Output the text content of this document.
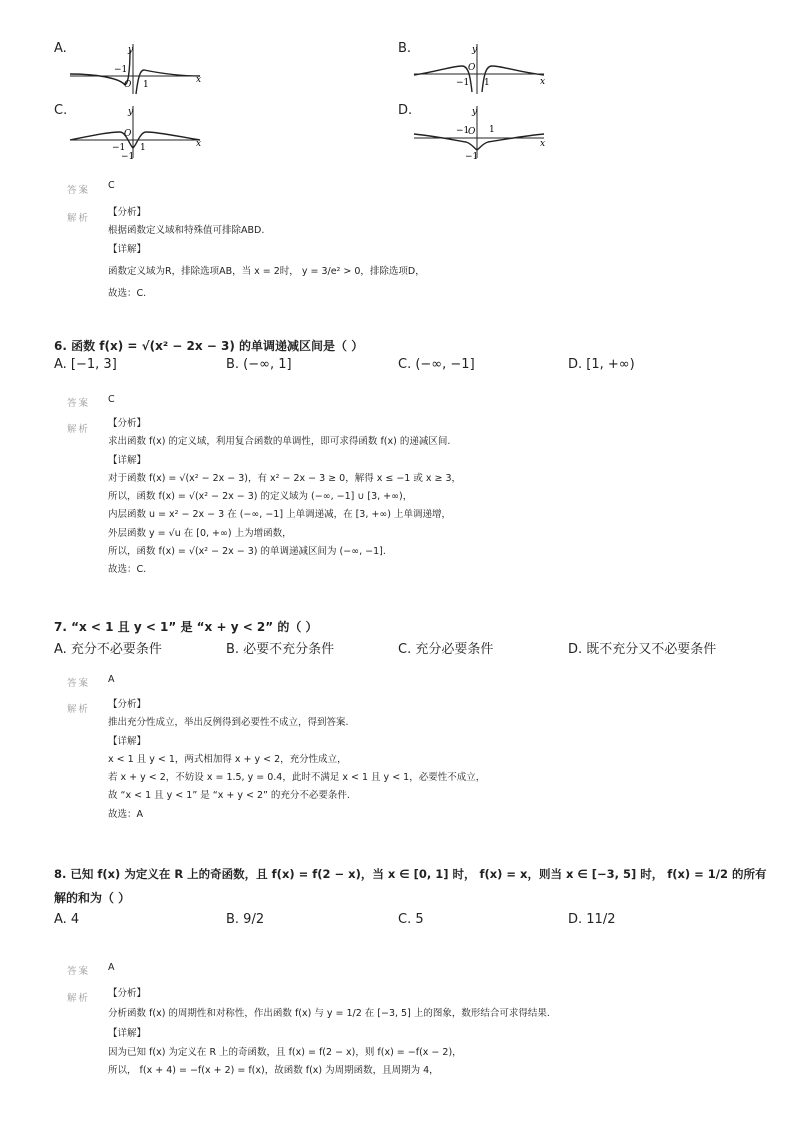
A.	B.
C.	D.
y
x
O
−1
1
y
x
O
−1 1
y
x
O
−1 1
−1
y
x
O
−1 1
−1
答案 C
解析
【分析】
根据函数定义域和特殊值可排除ABD.
【详解】
函数定义域为R，排除选项AB，当 x = 2时， y = 3/e² > 0，排除选项D，
故选：C.
6. 函数 f(x) = √(x² − 2x − 3) 的单调递减区间是（ ）
A. [−1, 3]	B. (−∞, 1]	C. (−∞, −1]	D. [1, +∞)
答案 C
解析
【分析】
求出函数 f(x) 的定义域，利用复合函数的单调性，即可求得函数 f(x) 的递减区间.
【详解】
对于函数 f(x) = √(x² − 2x − 3)，有 x² − 2x − 3 ≥ 0，解得 x ≤ −1 或 x ≥ 3，
所以，函数 f(x) = √(x² − 2x − 3) 的定义域为 (−∞, −1] ∪ [3, +∞)，
内层函数 u = x² − 2x − 3 在 (−∞, −1] 上单调递减，在 [3, +∞) 上单调递增，
外层函数 y = √u 在 [0, +∞) 上为增函数，
所以，函数 f(x) = √(x² − 2x − 3) 的单调递减区间为 (−∞, −1].
故选：C.
7. “x < 1 且 y < 1” 是 “x + y < 2” 的（ ）
A. 充分不必要条件	B. 必要不充分条件	C. 充分必要条件	D. 既不充分又不必要条件
答案 A
解析 【分析】
推出充分性成立，举出反例得到必要性不成立，得到答案.
【详解】
x < 1 且 y < 1，两式相加得 x + y < 2，充分性成立，
若 x + y < 2，不妨设 x = 1.5, y = 0.4，此时不满足 x < 1 且 y < 1，必要性不成立，
故 “x < 1 且 y < 1” 是 “x + y < 2” 的充分不必要条件.
故选：A
8. 已知 f(x) 为定义在 R 上的奇函数，且 f(x) = f(2 − x)，当 x ∈ [0, 1] 时， f(x) = x，则当 x ∈ [−3, 5] 时， f(x) = 1/2 的所有
解的和为（ ）
A. 4	B. 9/2	C. 5	D. 11/2
答案 A
解析 【分析】
分析函数 f(x) 的周期性和对称性，作出函数 f(x) 与 y = 1/2 在 [−3, 5] 上的图象，数形结合可求得结果.
【详解】
因为已知 f(x) 为定义在 R 上的奇函数，且 f(x) = f(2 − x)，则 f(x) = −f(x − 2)，
所以， f(x + 4) = −f(x + 2) = f(x)，故函数 f(x) 为周期函数，且周期为 4，
